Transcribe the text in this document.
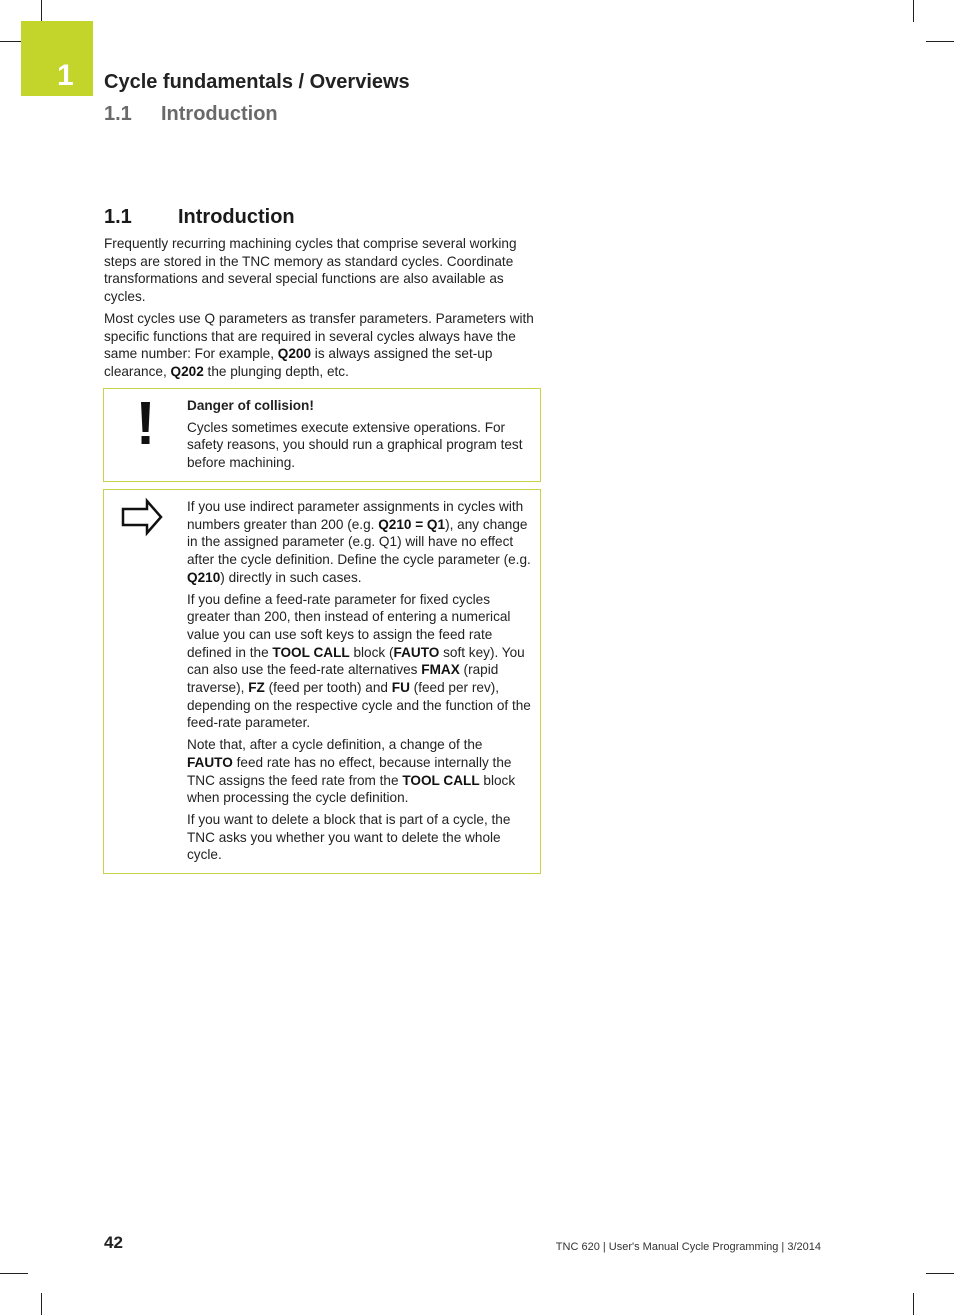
1 Cycle fundamentals / Overviews
1.1 Introduction
1.1 Introduction

Frequently recurring machining cycles that comprise several working steps are stored in the TNC memory as standard cycles. Coordinate transformations and several special functions are also available as cycles.

Most cycles use Q parameters as transfer parameters. Parameters with specific functions that are required in several cycles always have the same number: For example, Q200 is always assigned the set-up clearance, Q202 the plunging depth, etc.

Danger of collision!

Cycles sometimes execute extensive operations. For safety reasons, you should run a graphical program test before machining.

If you use indirect parameter assignments in cycles with numbers greater than 200 (e.g. Q210 = Q1), any change in the assigned parameter (e.g. Q1) will have no effect after the cycle definition. Define the cycle parameter (e.g. Q210) directly in such cases.

If you define a feed-rate parameter for fixed cycles greater than 200, then instead of entering a numerical value you can use soft keys to assign the feed rate defined in the TOOL CALL block (FAUTO soft key). You can also use the feed-rate alternatives FMAX (rapid traverse), FZ (feed per tooth) and FU (feed per rev), depending on the respective cycle and the function of the feed-rate parameter.

Note that, after a cycle definition, a change of the FAUTO feed rate has no effect, because internally the TNC assigns the feed rate from the TOOL CALL block when processing the cycle definition.

If you want to delete a block that is part of a cycle, the TNC asks you whether you want to delete the whole cycle.

42	TNC 620 | User's Manual Cycle Programming | 3/2014
